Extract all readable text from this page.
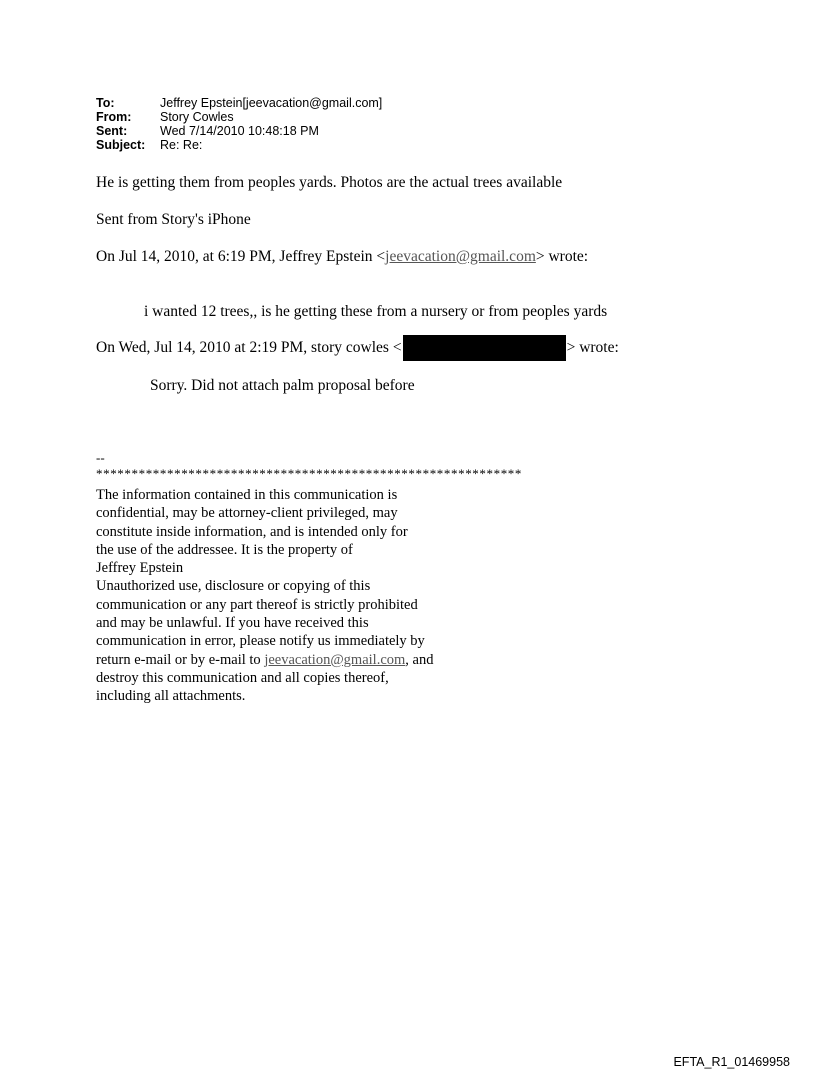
To:	Jeffrey Epstein[jeevacation@gmail.com]
From:	Story Cowles
Sent:	Wed 7/14/2010 10:48:18 PM
Subject:	Re: Re:
He is getting them from peoples yards. Photos are the actual trees available
Sent from Story's iPhone
On Jul 14, 2010, at 6:19 PM, Jeffrey Epstein <jeevacation@gmail.com> wrote:
i wanted 12 trees,, is he getting these from a nursery or from peoples yards
On Wed, Jul 14, 2010 at 2:19 PM, story cowles <	> wrote:
Sorry. Did not attach palm proposal before
--
************************************************************
The information contained in this communication is
confidential, may be attorney-client privileged, may
constitute inside information, and is intended only for
the use of the addressee. It is the property of
Jeffrey Epstein
Unauthorized use, disclosure or copying of this
communication or any part thereof is strictly prohibited
and may be unlawful. If you have received this
communication in error, please notify us immediately by
return e-mail or by e-mail to jeevacation@gmail.com, and
destroy this communication and all copies thereof,
including all attachments.
EFTA_R1_01469958
